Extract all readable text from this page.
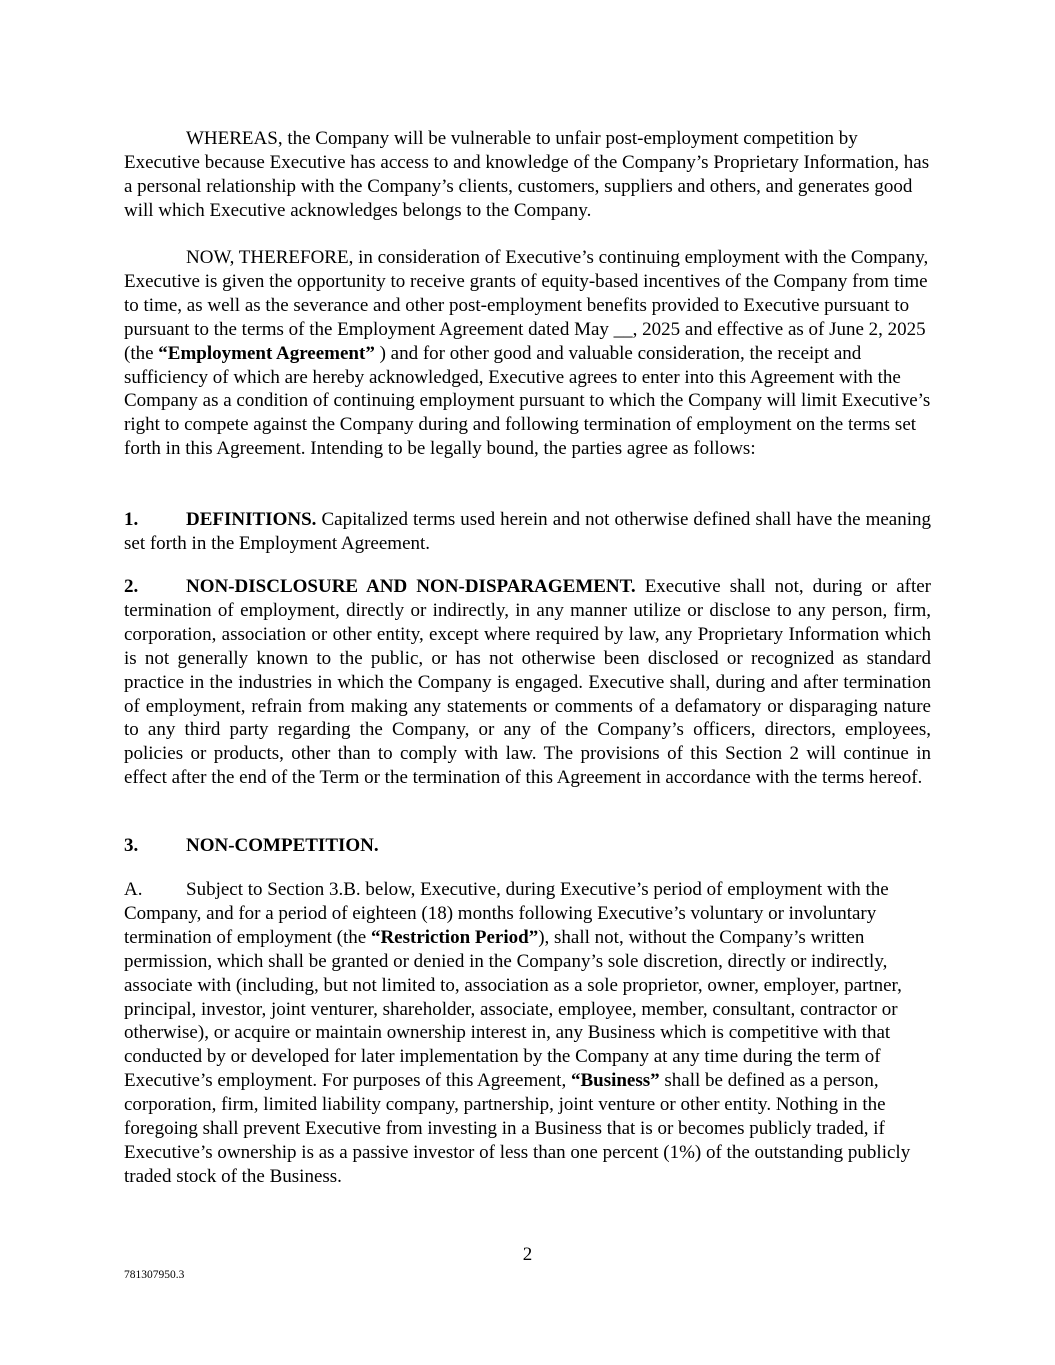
WHEREAS, the Company will be vulnerable to unfair post-employment competition by Executive because Executive has access to and knowledge of the Company’s Proprietary Information, has a personal relationship with the Company’s clients, customers, suppliers and others, and generates good will which Executive acknowledges belongs to the Company.

NOW, THEREFORE, in consideration of Executive’s continuing employment with the Company, Executive is given the opportunity to receive grants of equity-based incentives of the Company from time to time, as well as the severance and other post-employment benefits provided to Executive pursuant to pursuant to the terms of the Employment Agreement dated May __, 2025 and effective as of June 2, 2025 (the “Employment Agreement” ) and for other good and valuable consideration, the receipt and sufficiency of which are hereby acknowledged, Executive agrees to enter into this Agreement with the Company as a condition of continuing employment pursuant to which the Company will limit Executive’s right to compete against the Company during and following termination of employment on the terms set forth in this Agreement. Intending to be legally bound, the parties agree as follows:

1.	DEFINITIONS. Capitalized terms used herein and not otherwise defined shall have the meaning set forth in the Employment Agreement.

2.	NON-DISCLOSURE AND NON-DISPARAGEMENT. Executive shall not, during or after termination of employment, directly or indirectly, in any manner utilize or disclose to any person, firm, corporation, association or other entity, except where required by law, any Proprietary Information which is not generally known to the public, or has not otherwise been disclosed or recognized as standard practice in the industries in which the Company is engaged. Executive shall, during and after termination of employment, refrain from making any statements or comments of a defamatory or disparaging nature to any third party regarding the Company, or any of the Company’s officers, directors, employees, policies or products, other than to comply with law. The provisions of this Section 2 will continue in effect after the end of the Term or the termination of this Agreement in accordance with the terms hereof.

3.	NON-COMPETITION.

A. Subject to Section 3.B. below, Executive, during Executive’s period of employment with the Company, and for a period of eighteen (18) months following Executive’s voluntary or involuntary termination of employment (the “Restriction Period”), shall not, without the Company’s written permission, which shall be granted or denied in the Company’s sole discretion, directly or indirectly, associate with (including, but not limited to, association as a sole proprietor, owner, employer, partner, principal, investor, joint venturer, shareholder, associate, employee, member, consultant, contractor or otherwise), or acquire or maintain ownership interest in, any Business which is competitive with that conducted by or developed for later implementation by the Company at any time during the term of Executive’s employment. For purposes of this Agreement, “Business” shall be defined as a person, corporation, firm, limited liability company, partnership, joint venture or other entity. Nothing in the foregoing shall prevent Executive from investing in a Business that is or becomes publicly traded, if Executive’s ownership is as a passive investor of less than one percent (1%) of the outstanding publicly traded stock of the Business.

2
781307950.3
